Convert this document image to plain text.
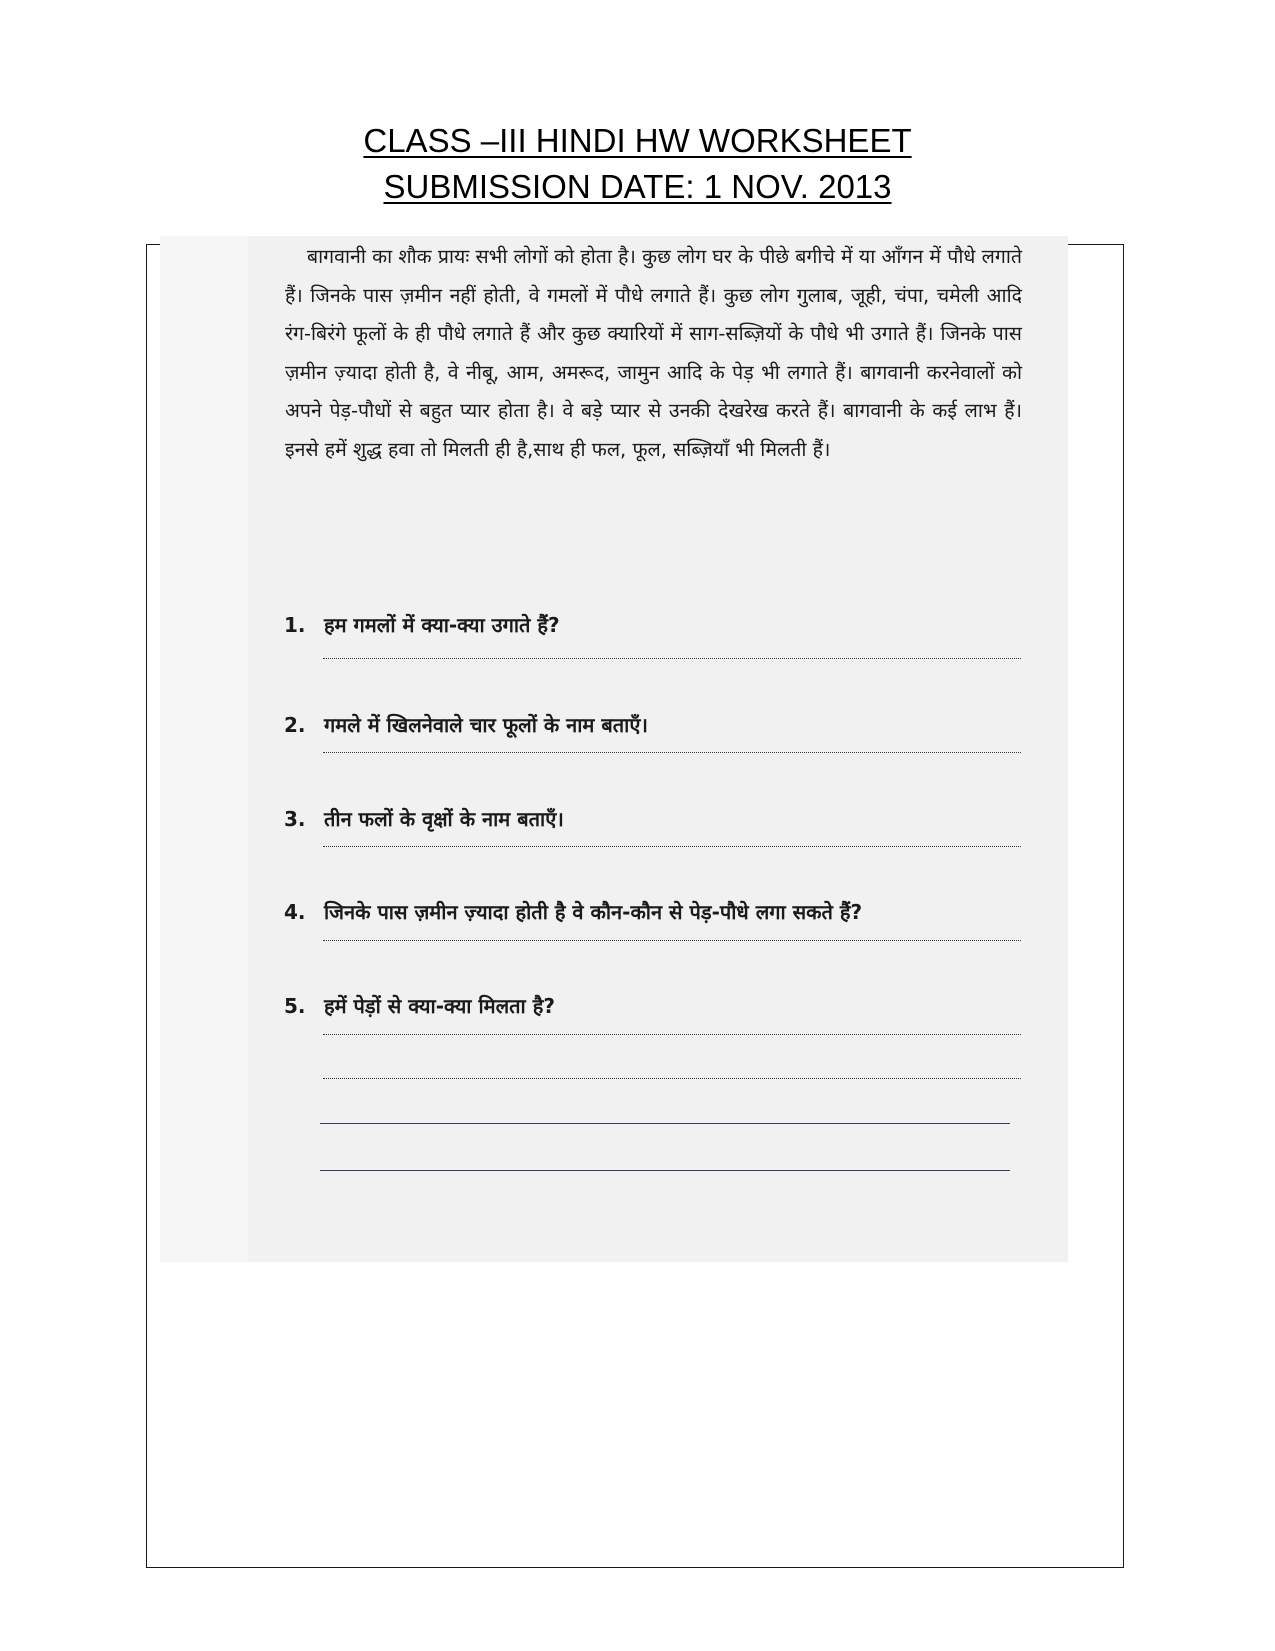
CLASS –III HINDI HW WORKSHEET
SUBMISSION DATE: 1 NOV. 2013
बागवानी का शौक प्रायः सभी लोगों को होता है। कुछ लोग घर के पीछे बगीचे में या आँगन में पौधे लगाते हैं। जिनके पास ज़मीन नहीं होती, वे गमलों में पौधे लगाते हैं। कुछ लोग गुलाब, जूही, चंपा, चमेली आदि रंग-बिरंगे फूलों के ही पौधे लगाते हैं और कुछ क्यारियों में साग-सब्ज़ियों के पौधे भी उगाते हैं। जिनके पास ज़मीन ज़्यादा होती है, वे नीबू, आम, अमरूद, जामुन आदि के पेड़ भी लगाते हैं। बागवानी करनेवालों को अपने पेड़-पौधों से बहुत प्यार होता है। वे बड़े प्यार से उनकी देखरेख करते हैं। बागवानी के कई लाभ हैं। इनसे हमें शुद्ध हवा तो मिलती ही है,साथ ही फल, फूल, सब्ज़ियाँ भी मिलती हैं।
1. हम गमलों में क्या-क्या उगाते हैं?
2. गमले में खिलनेवाले चार फूलों के नाम बताएँ।
3. तीन फलों के वृक्षों के नाम बताएँ।
4. जिनके पास ज़मीन ज़्यादा होती है वे कौन-कौन से पेड़-पौधे लगा सकते हैं?
5. हमें पेड़ों से क्या-क्या मिलता है?
